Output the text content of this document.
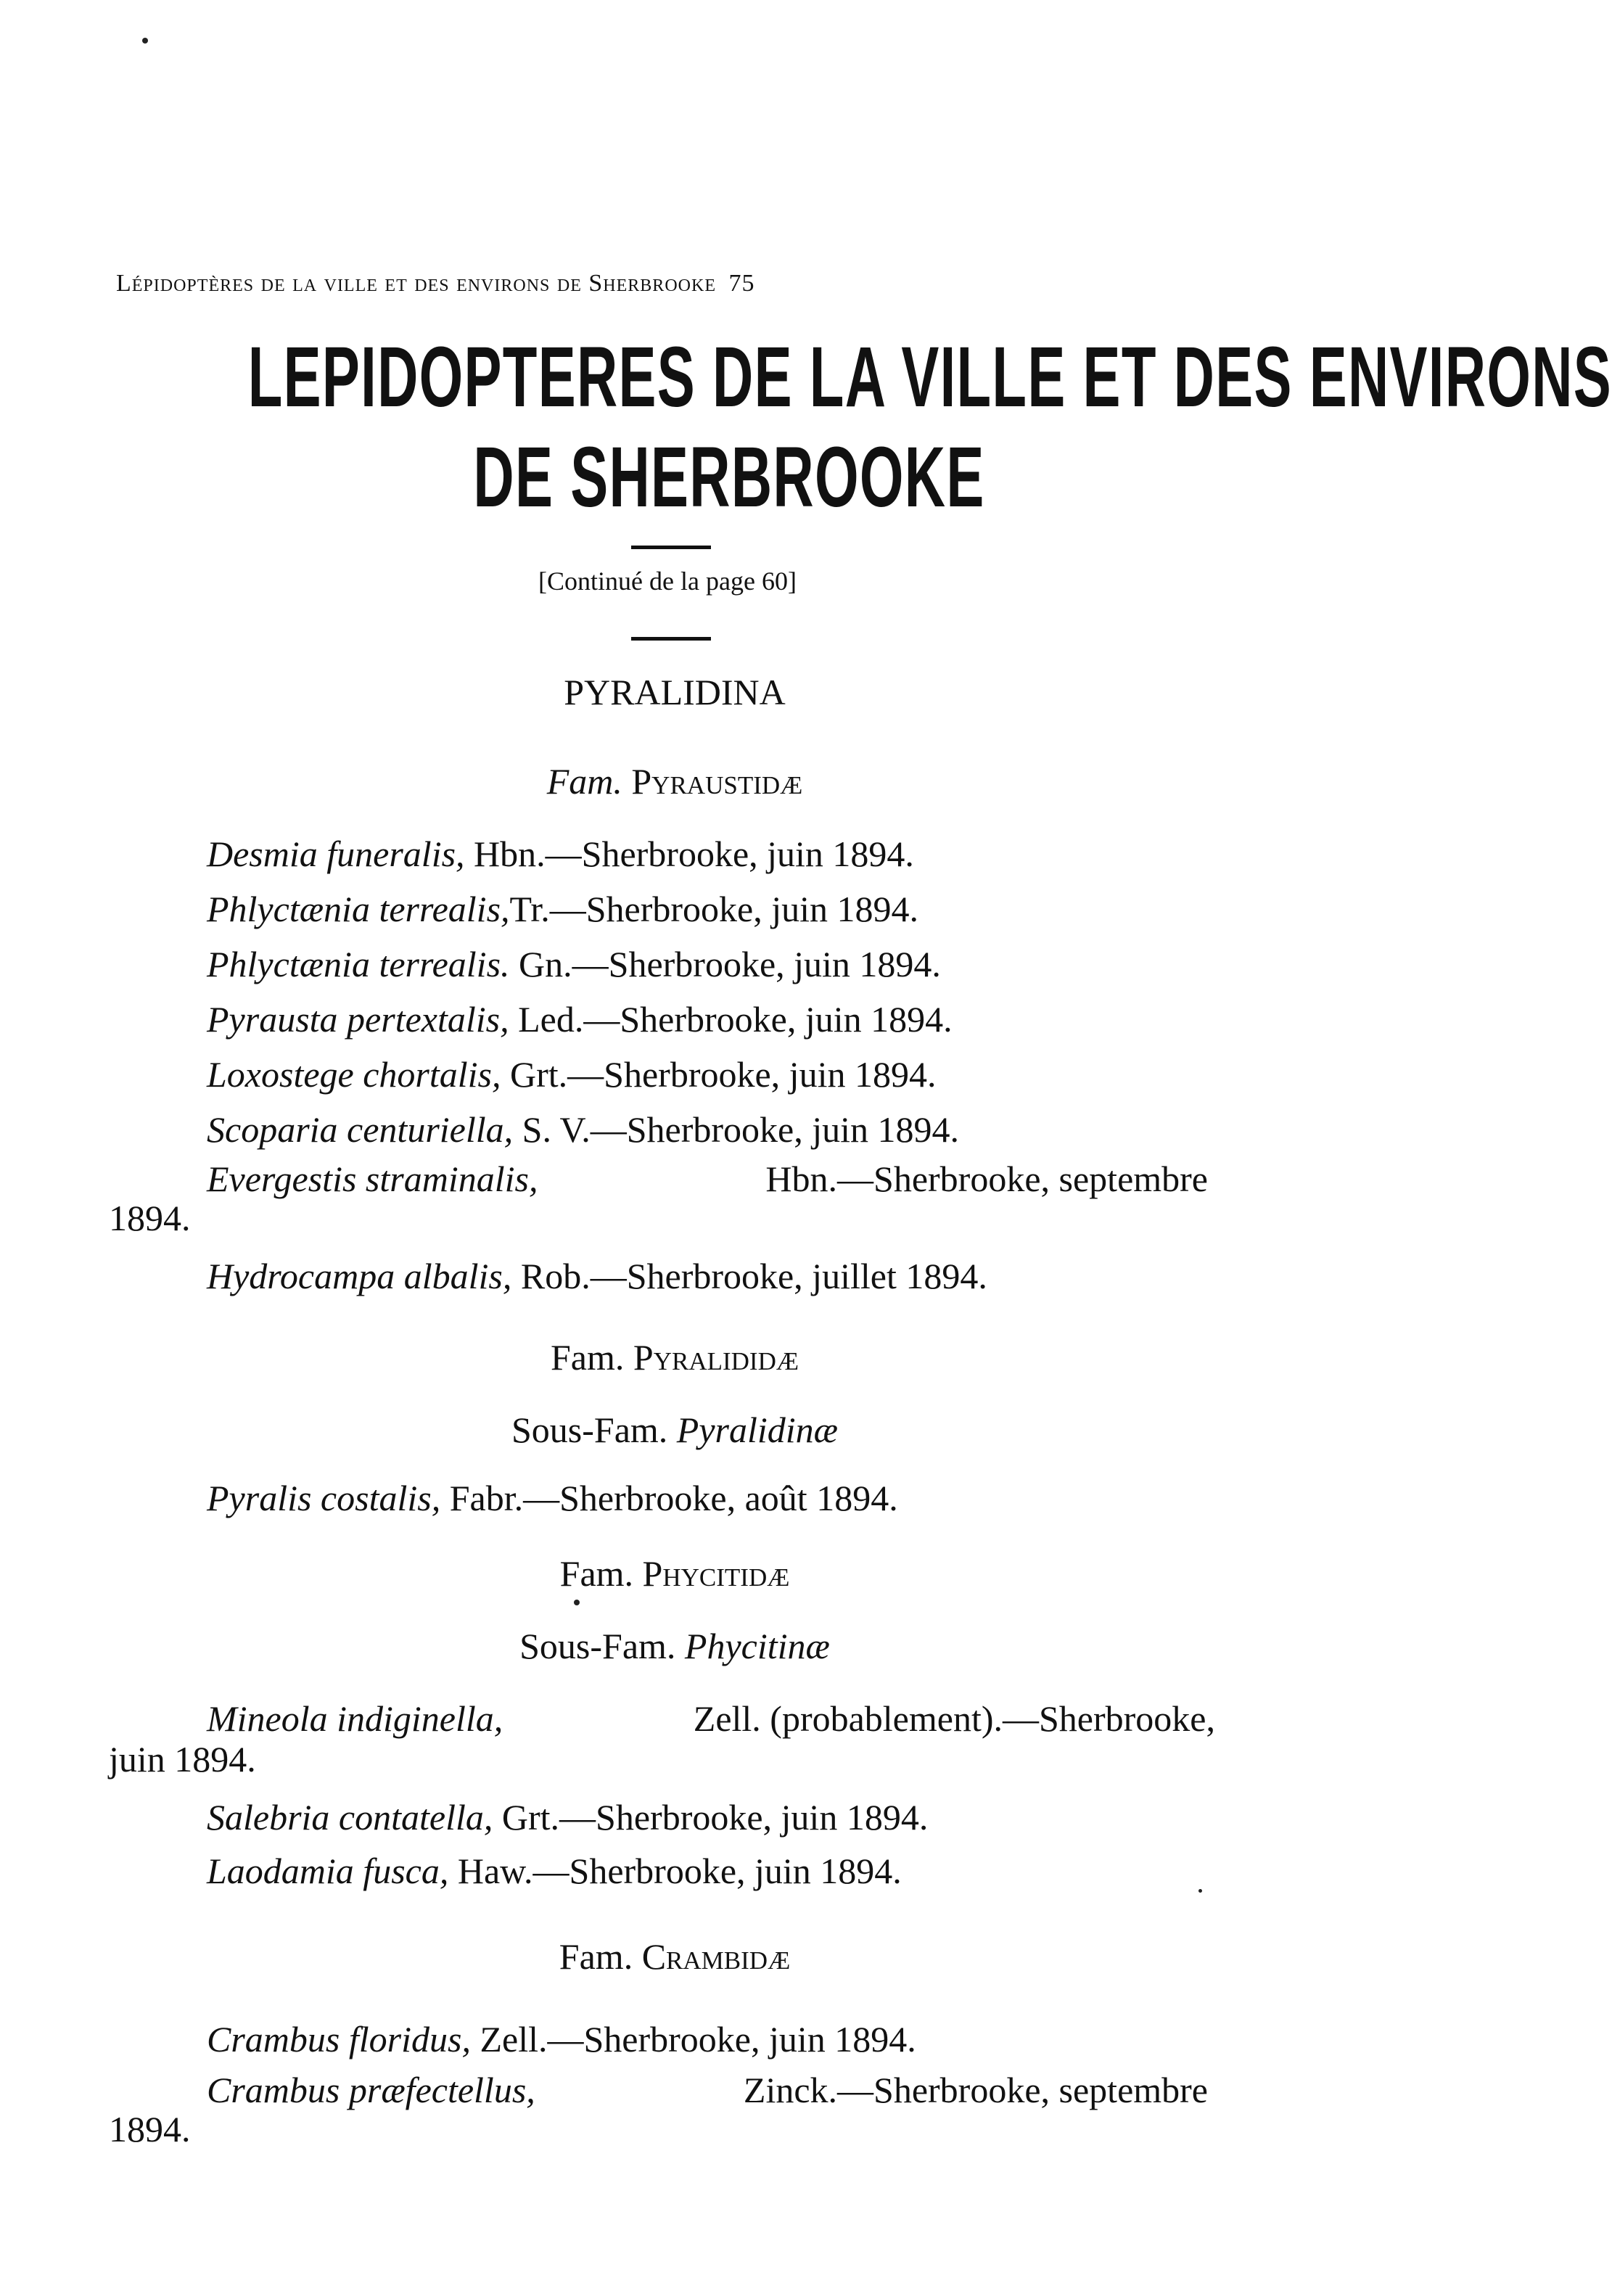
Lépidoptères de la ville et des environs de Sherbrooke 75
LEPIDOPTERES DE LA VILLE ET DES ENVIRONS
DE SHERBROOKE
[Continué de la page 60]
PYRALIDINA
Fam. Pyraustidæ
Desmia funeralis, Hbn.—Sherbrooke, juin 1894.
Phlyctænia terrealis,Tr.—Sherbrooke, juin 1894.
Phlyctænia terrealis. Gn.—Sherbrooke, juin 1894.
Pyrausta pertextalis, Led.—Sherbrooke, juin 1894.
Loxostege chortalis, Grt.—Sherbrooke, juin 1894.
Scoparia centuriella, S. V.—Sherbrooke, juin 1894.
Evergestis straminalis,	Hbn.—Sherbrooke, septembre
1894.
Hydrocampa albalis, Rob.—Sherbrooke, juillet 1894.
Fam. Pyralididæ
Sous-Fam. Pyralidinæ
Pyralis costalis, Fabr.—Sherbrooke, août 1894.
Fam. Phycitidæ
Sous-Fam. Phycitinæ
Mineola indiginella,	Zell. (probablement).—Sherbrooke,
juin 1894.
Salebria contatella, Grt.—Sherbrooke, juin 1894.
Laodamia fusca, Haw.—Sherbrooke, juin 1894.
Fam. Crambidæ
Crambus floridus, Zell.—Sherbrooke, juin 1894.
Crambus præfectellus,	Zinck.—Sherbrooke, septembre
1894.
